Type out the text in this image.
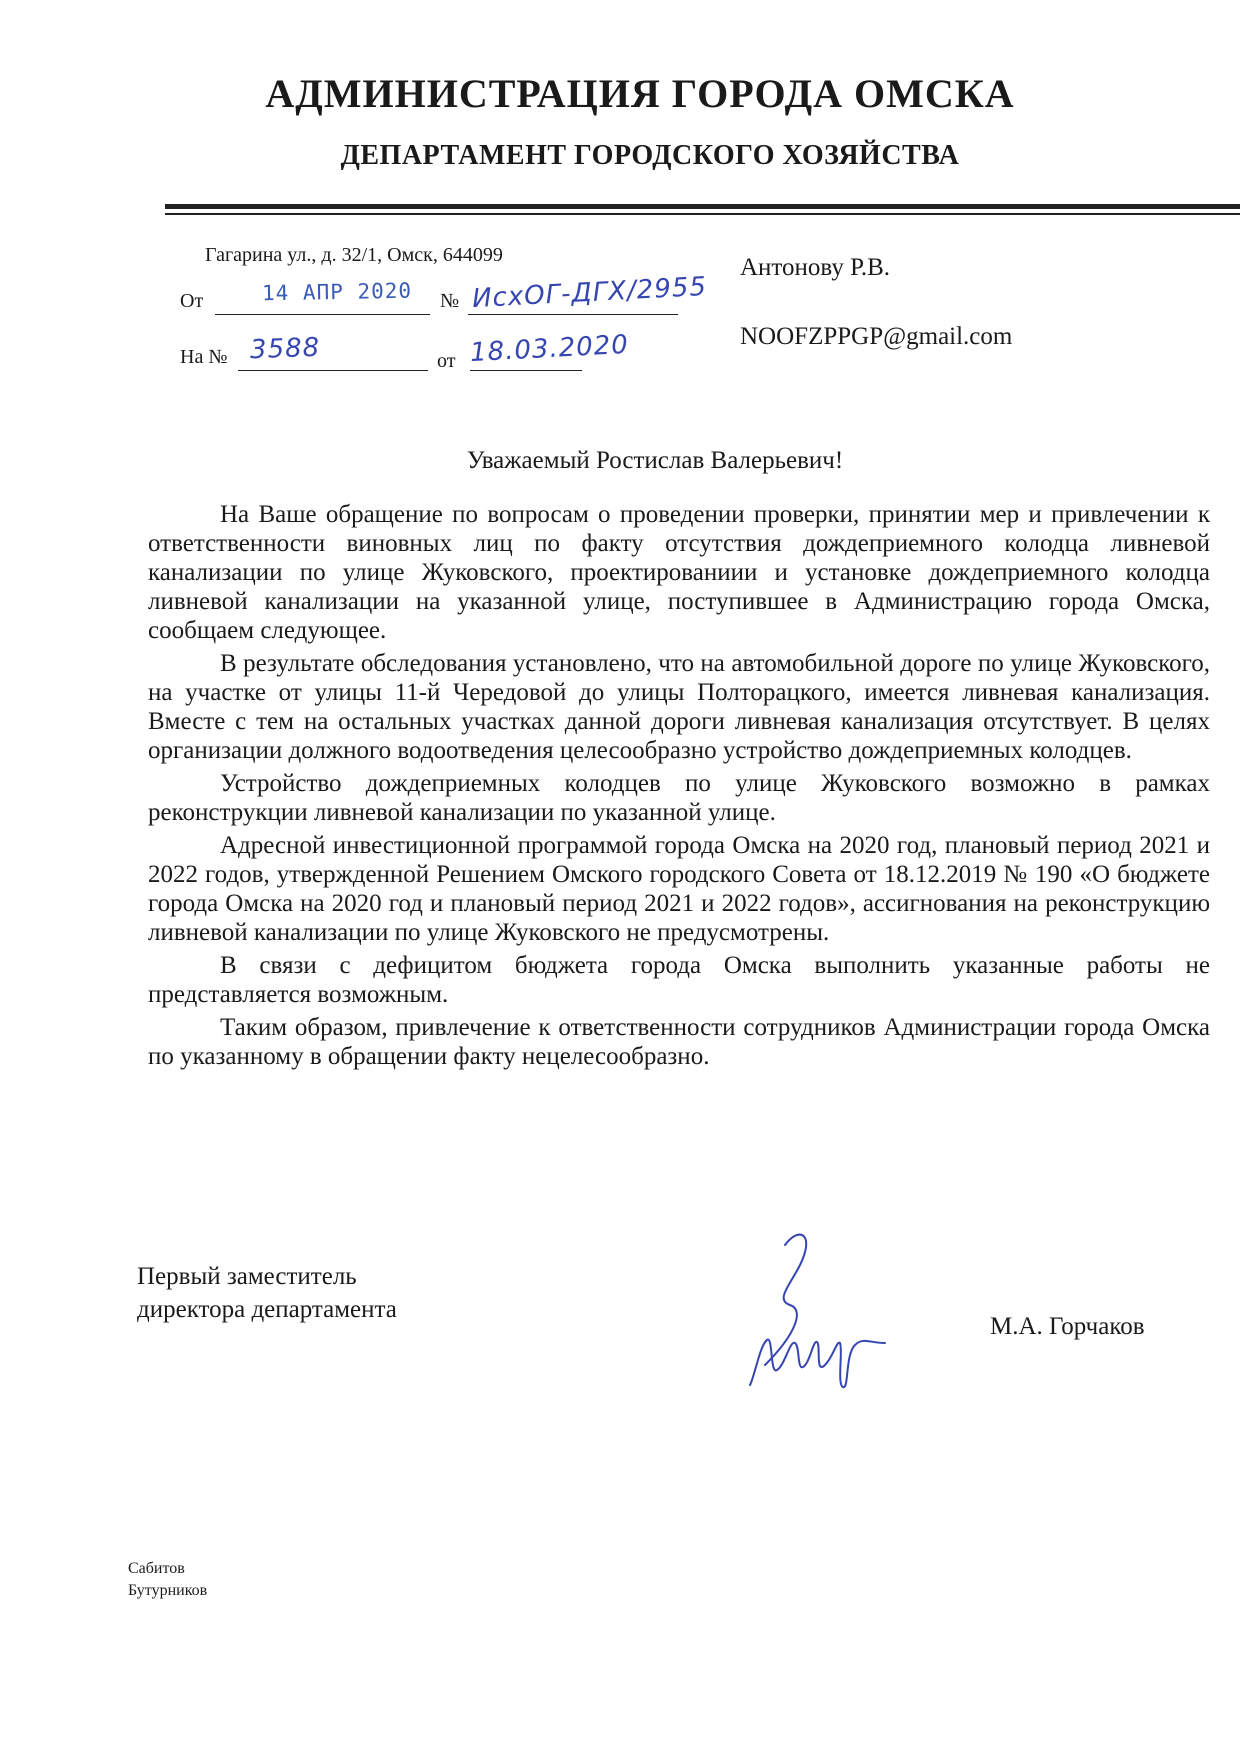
АДМИНИСТРАЦИЯ ГОРОДА ОМСКА
ДЕПАРТАМЕНТ ГОРОДСКОГО ХОЗЯЙСТВА
Гагарина ул., д. 32/1, Омск, 644099
От	14 АПР 2020 № ИсхОГ-ДГХ/2955
На № 3588	от 18.03.2020
Антонову Р.В.
NOOFZPPGP@gmail.com
Уважаемый Ростислав Валерьевич!

На Ваше обращение по вопросам о проведении проверки, принятии мер и привлечении к ответственности виновных лиц по факту отсутствия дождеприемного колодца ливневой канализации по улице Жуковского, проектированиии и установке дождеприемного колодца ливневой канализации на указанной улице, поступившее в Администрацию города Омска, сообщаем следующее.

В результате обследования установлено, что на автомобильной дороге по улице Жуковского, на участке от улицы 11-й Чередовой до улицы Полторацкого, имеется ливневая канализация. Вместе с тем на остальных участках данной дороги ливневая канализация отсутствует. В целях организации должного водоотведения целесообразно устройство дождеприемных колодцев.

Устройство дождеприемных колодцев по улице Жуковского возможно в рамках реконструкции ливневой канализации по указанной улице.

Адресной инвестиционной программой города Омска на 2020 год, плановый период 2021 и 2022 годов, утвержденной Решением Омского городского Совета от 18.12.2019 № 190 «О бюджете города Омска на 2020 год и плановый период 2021 и 2022 годов», ассигнования на реконструкцию ливневой канализации по улице Жуковского не предусмотрены.

В связи с дефицитом бюджета города Омска выполнить указанные работы не представляется возможным.

Таким образом, привлечение к ответственности сотрудников Администрации города Омска по указанному в обращении факту нецелесообразно.

Первый заместитель
директора департамента
М.А. Горчаков
Сабитов
Бутурников
